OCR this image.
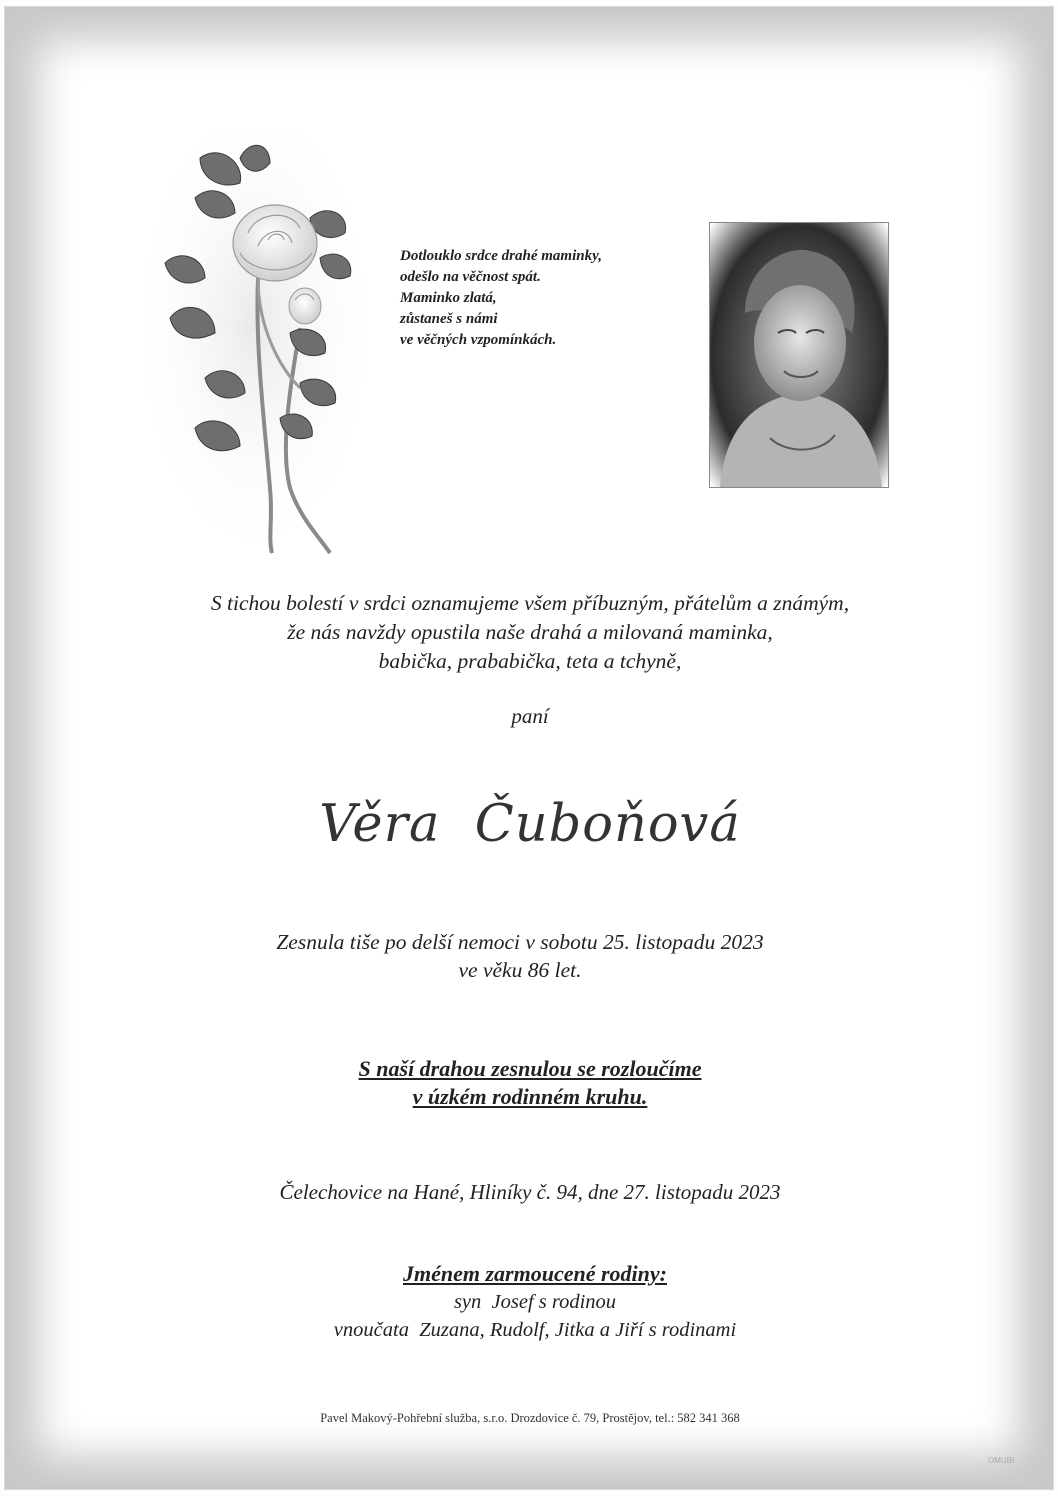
Dotlouklo srdce drahé maminky,
odešlo na věčnost spát.
Maminko zlatá,
zůstaneš s námi
ve věčných vzpomínkách.
S tichou bolestí v srdci oznamujeme všem příbuzným, přátelům a známým,
že nás navždy opustila naše drahá a milovaná maminka,
babička, prababička, teta a tchyně,
paní
Věra  Čuboňová
Zesnula tiše po delší nemoci v sobotu 25. listopadu 2023
ve věku 86 let.
S naší drahou zesnulou se rozloučíme
v úzkém rodinném kruhu.
Čelechovice na Hané, Hliníky č. 94, dne 27. listopadu 2023
Jménem zarmoucené rodiny:
syn  Josef s rodinou
vnoučata  Zuzana, Rudolf, Jitka a Jiří s rodinami
Pavel Makový-Pohřební služba, s.r.o. Drozdovice č. 79, Prostějov, tel.: 582 341 368
OMUBI
